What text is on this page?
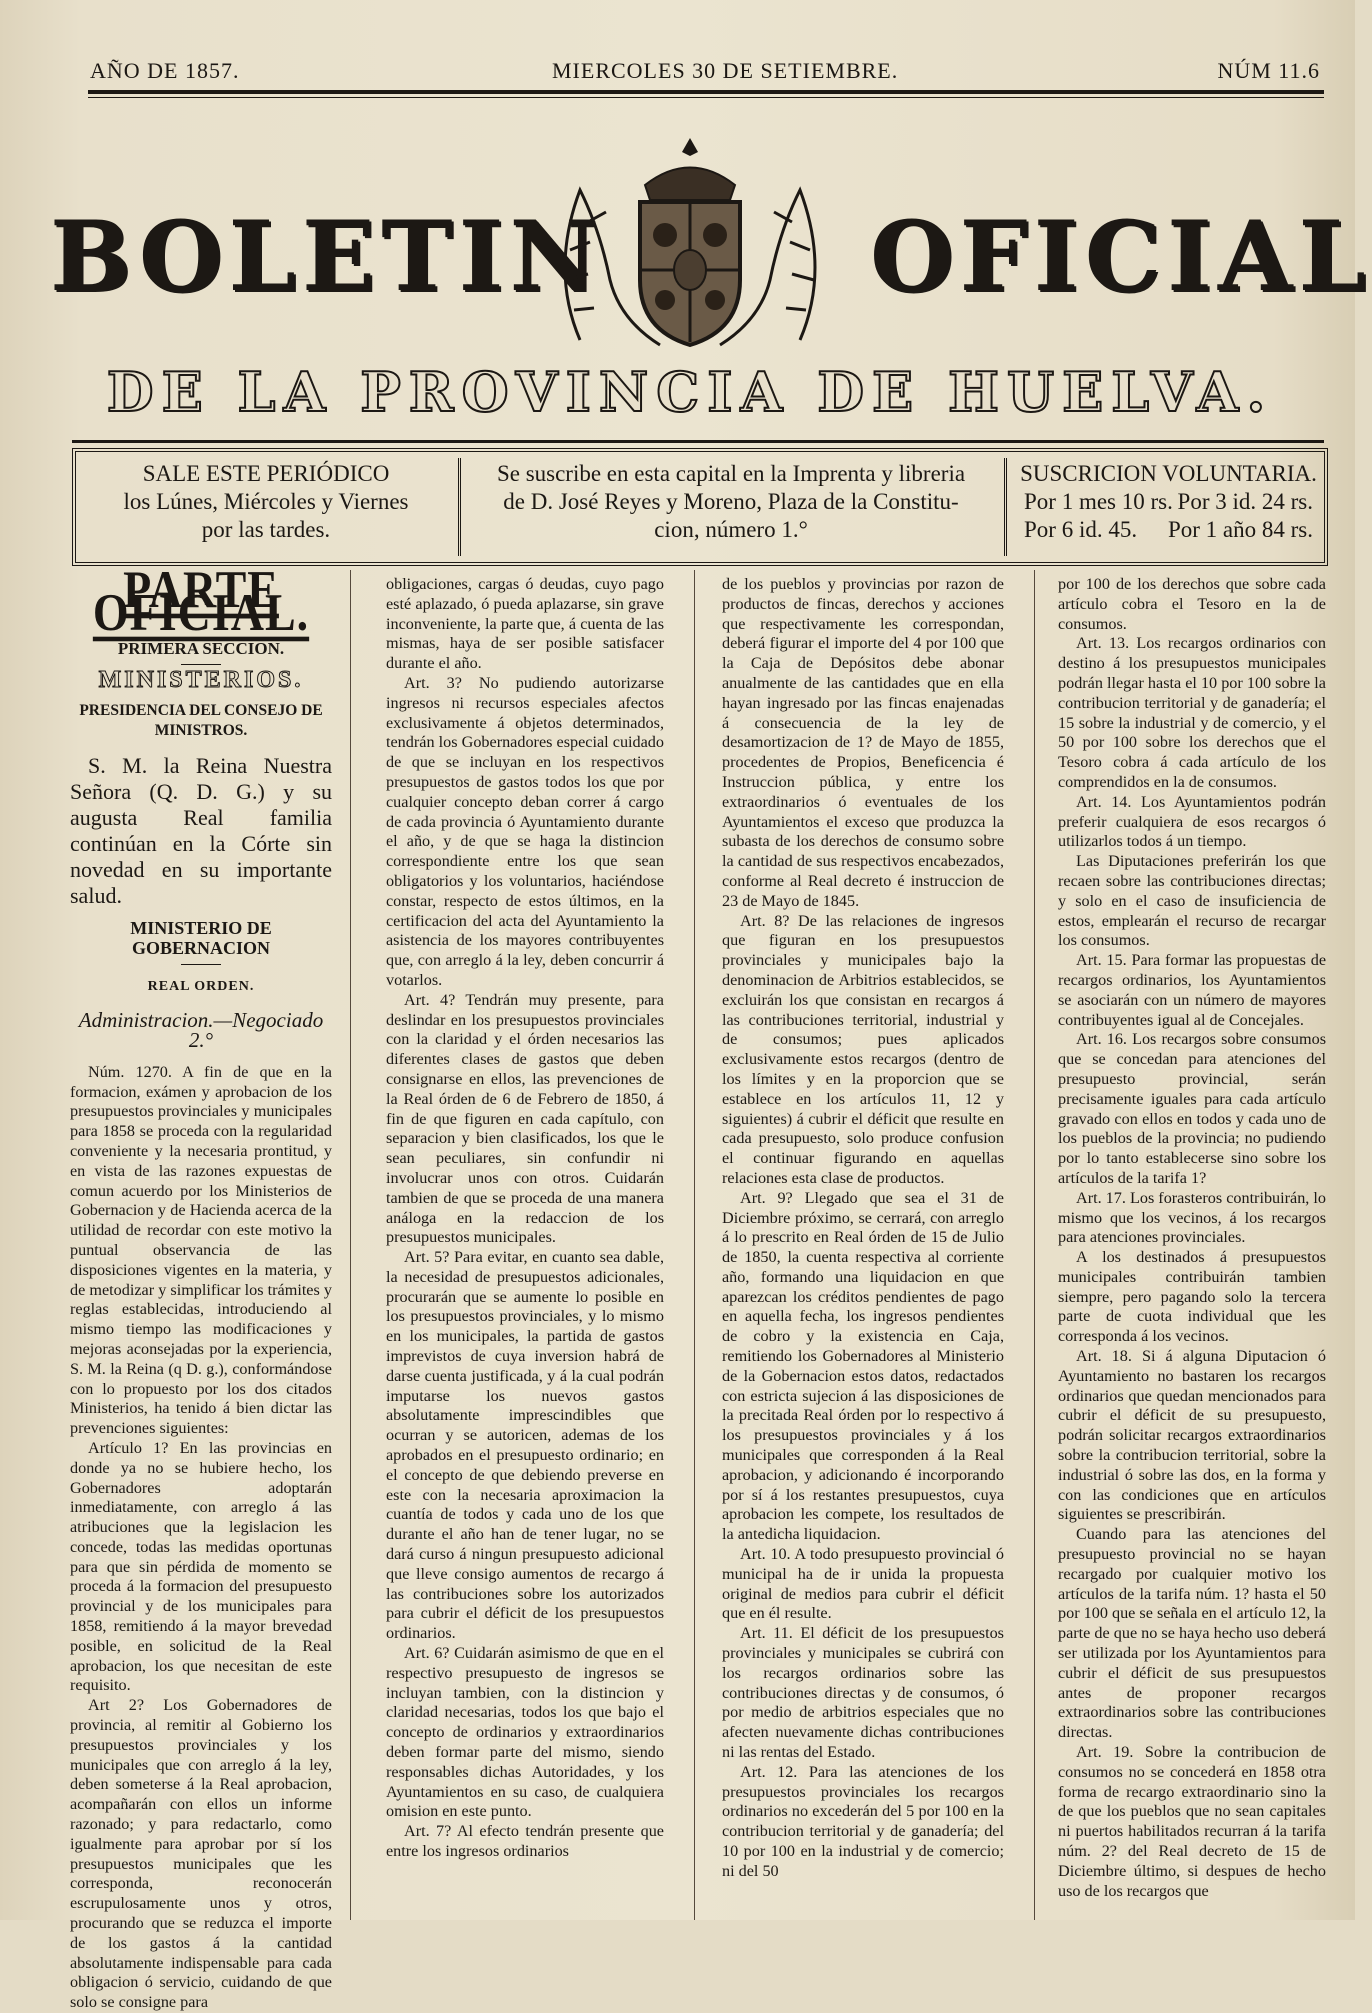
AÑO DE 1857.	MIERCOLES 30 DE SETIEMBRE.	NÚM 11.6
BOLETIN	OFICIAL
DE LA PROVINCIA DE HUELVA.
SALE ESTE PERIÓDICO
los Lúnes, Miércoles y Viernes
por las tardes.
Se suscribe en esta capital en la Imprenta y libreria
de D. José Reyes y Moreno, Plaza de la Constitu-
cion, número 1.°
SUSCRICION VOLUNTARIA.
Por 1 mes 10 rs. Por 3 id. 24 rs.
Por 6 id. 45. Por 1 año 84 rs.
PARTE OFICIAL.
PRIMERA SECCION.
MINISTERIOS.
PRESIDENCIA DEL CONSEJO DE MINISTROS.

S. M. la Reina Nuestra Señora (Q. D. G.) y su augusta Real familia continúan en la Córte sin novedad en su importante salud.

MINISTERIO DE GOBERNACION
REAL ORDEN.
Administracion.—Negociado 2.°

Núm. 1270. A fin de que en la formacion, exámen y aprobacion de los presupuestos provinciales y municipales para 1858 se proceda con la regularidad conveniente y la necesaria prontitud, y en vista de las razones expuestas de comun acuerdo por los Ministerios de Gobernacion y de Hacienda acerca de la utilidad de recordar con este motivo la puntual observancia de las disposiciones vigentes en la materia, y de metodizar y simplificar los trámites y reglas establecidas, introduciendo al mismo tiempo las modificaciones y mejoras aconsejadas por la experiencia, S. M. la Reina (q D. g.), conformándose con lo propuesto por los dos citados Ministerios, ha tenido á bien dictar las prevenciones siguientes:

Artículo 1? En las provincias en donde ya no se hubiere hecho, los Gobernadores adoptarán inmediatamente, con arreglo á las atribuciones que la legislacion les concede, todas las medidas oportunas para que sin pérdida de momento se proceda á la formacion del presupuesto provincial y de los municipales para 1858, remitiendo á la mayor brevedad posible, en solicitud de la Real aprobacion, los que necesitan de este requisito.

Art 2? Los Gobernadores de provincia, al remitir al Gobierno los presupuestos provinciales y los municipales que con arreglo á la ley, deben someterse á la Real aprobacion, acompañarán con ellos un informe razonado; y para redactarlo, como igualmente para aprobar por sí los presupuestos municipales que les corresponda, reconocerán escrupulosamente unos y otros, procurando que se reduzca el importe de los gastos á la cantidad absolutamente indispensable para cada obligacion ó servicio, cuidando de que solo se consigne para

obligaciones, cargas ó deudas, cuyo pago esté aplazado, ó pueda aplazarse, sin grave inconveniente, la parte que, á cuenta de las mismas, haya de ser posible satisfacer durante el año.

Art. 3? No pudiendo autorizarse ingresos ni recursos especiales afectos exclusivamente á objetos determinados, tendrán los Gobernadores especial cuidado de que se incluyan en los respectivos presupuestos de gastos todos los que por cualquier concepto deban correr á cargo de cada provincia ó Ayuntamiento durante el año, y de que se haga la distincion correspondiente entre los que sean obligatorios y los voluntarios, haciéndose constar, respecto de estos últimos, en la certificacion del acta del Ayuntamiento la asistencia de los mayores contribuyentes que, con arreglo á la ley, deben concurrir á votarlos.

Art. 4? Tendrán muy presente, para deslindar en los presupuestos provinciales con la claridad y el órden necesarios las diferentes clases de gastos que deben consignarse en ellos, las prevenciones de la Real órden de 6 de Febrero de 1850, á fin de que figuren en cada capítulo, con separacion y bien clasificados, los que le sean peculiares, sin confundir ni involucrar unos con otros. Cuidarán tambien de que se proceda de una manera análoga en la redaccion de los presupuestos municipales.

Art. 5? Para evitar, en cuanto sea dable, la necesidad de presupuestos adicionales, procurarán que se aumente lo posible en los presupuestos provinciales, y lo mismo en los municipales, la partida de gastos imprevistos de cuya inversion habrá de darse cuenta justificada, y á la cual podrán imputarse los nuevos gastos absolutamente imprescindibles que ocurran y se autoricen, ademas de los aprobados en el presupuesto ordinario; en el concepto de que debiendo preverse en este con la necesaria aproximacion la cuantía de todos y cada uno de los que durante el año han de tener lugar, no se dará curso á ningun presupuesto adicional que lleve consigo aumentos de recargo á las contribuciones sobre los autorizados para cubrir el déficit de los presupuestos ordinarios.

Art. 6? Cuidarán asimismo de que en el respectivo presupuesto de ingresos se incluyan tambien, con la distincion y claridad necesarias, todos los que bajo el concepto de ordinarios y extraordinarios deben formar parte del mismo, siendo responsables dichas Autoridades, y los Ayuntamientos en su caso, de cualquiera omision en este punto.

Art. 7? Al efecto tendrán presente que entre los ingresos ordinarios

de los pueblos y provincias por razon de productos de fincas, derechos y acciones que respectivamente les correspondan, deberá figurar el importe del 4 por 100 que la Caja de Depósitos debe abonar anualmente de las cantidades que en ella hayan ingresado por las fincas enajenadas á consecuencia de la ley de desamortizacion de 1? de Mayo de 1855, procedentes de Propios, Beneficencia é Instruccion pública, y entre los extraordinarios ó eventuales de los Ayuntamientos el exceso que produzca la subasta de los derechos de consumo sobre la cantidad de sus respectivos encabezados, conforme al Real decreto é instruccion de 23 de Mayo de 1845.

Art. 8? De las relaciones de ingresos que figuran en los presupuestos provinciales y municipales bajo la denominacion de Arbitrios establecidos, se excluirán los que consistan en recargos á las contribuciones territorial, industrial y de consumos; pues aplicados exclusivamente estos recargos (dentro de los límites y en la proporcion que se establece en los artículos 11, 12 y siguientes) á cubrir el déficit que resulte en cada presupuesto, solo produce confusion el continuar figurando en aquellas relaciones esta clase de productos.

Art. 9? Llegado que sea el 31 de Diciembre próximo, se cerrará, con arreglo á lo prescrito en Real órden de 15 de Julio de 1850, la cuenta respectiva al corriente año, formando una liquidacion en que aparezcan los créditos pendientes de pago en aquella fecha, los ingresos pendientes de cobro y la existencia en Caja, remitiendo los Gobernadores al Ministerio de la Gobernacion estos datos, redactados con estricta sujecion á las disposiciones de la precitada Real órden por lo respectivo á los presupuestos provinciales y á los municipales que corresponden á la Real aprobacion, y adicionando é incorporando por sí á los restantes presupuestos, cuya aprobacion les compete, los resultados de la antedicha liquidacion.

Art. 10. A todo presupuesto provincial ó municipal ha de ir unida la propuesta original de medios para cubrir el déficit que en él resulte.

Art. 11. El déficit de los presupuestos provinciales y municipales se cubrirá con los recargos ordinarios sobre las contribuciones directas y de consumos, ó por medio de arbitrios especiales que no afecten nuevamente dichas contribuciones ni las rentas del Estado.

Art. 12. Para las atenciones de los presupuestos provinciales los recargos ordinarios no excederán del 5 por 100 en la contribucion territorial y de ganadería; del 10 por 100 en la industrial y de comercio; ni del 50

por 100 de los derechos que sobre cada artículo cobra el Tesoro en la de consumos.

Art. 13. Los recargos ordinarios con destino á los presupuestos municipales podrán llegar hasta el 10 por 100 sobre la contribucion territorial y de ganadería; el 15 sobre la industrial y de comercio, y el 50 por 100 sobre los derechos que el Tesoro cobra á cada artículo de los comprendidos en la de consumos.

Art. 14. Los Ayuntamientos podrán preferir cualquiera de esos recargos ó utilizarlos todos á un tiempo.

Las Diputaciones preferirán los que recaen sobre las contribuciones directas; y solo en el caso de insuficiencia de estos, emplearán el recurso de recargar los consumos.

Art. 15. Para formar las propuestas de recargos ordinarios, los Ayuntamientos se asociarán con un número de mayores contribuyentes igual al de Concejales.

Art. 16. Los recargos sobre consumos que se concedan para atenciones del presupuesto provincial, serán precisamente iguales para cada artículo gravado con ellos en todos y cada uno de los pueblos de la provincia; no pudiendo por lo tanto establecerse sino sobre los artículos de la tarifa 1?

Art. 17. Los forasteros contribuirán, lo mismo que los vecinos, á los recargos para atenciones provinciales.

A los destinados á presupuestos municipales contribuirán tambien siempre, pero pagando solo la tercera parte de cuota individual que les corresponda á los vecinos.

Art. 18. Si á alguna Diputacion ó Ayuntamiento no bastaren los recargos ordinarios que quedan mencionados para cubrir el déficit de su presupuesto, podrán solicitar recargos extraordinarios sobre la contribucion territorial, sobre la industrial ó sobre las dos, en la forma y con las condiciones que en artículos siguientes se prescribirán.

Cuando para las atenciones del presupuesto provincial no se hayan recargado por cualquier motivo los artículos de la tarifa núm. 1? hasta el 50 por 100 que se señala en el artículo 12, la parte de que no se haya hecho uso deberá ser utilizada por los Ayuntamientos para cubrir el déficit de sus presupuestos antes de proponer recargos extraordinarios sobre las contribuciones directas.

Art. 19. Sobre la contribucion de consumos no se concederá en 1858 otra forma de recargo extraordinario sino la de que los pueblos que no sean capitales ni puertos habilitados recurran á la tarifa núm. 2? del Real decreto de 15 de Diciembre último, si despues de hecho uso de los recargos que
